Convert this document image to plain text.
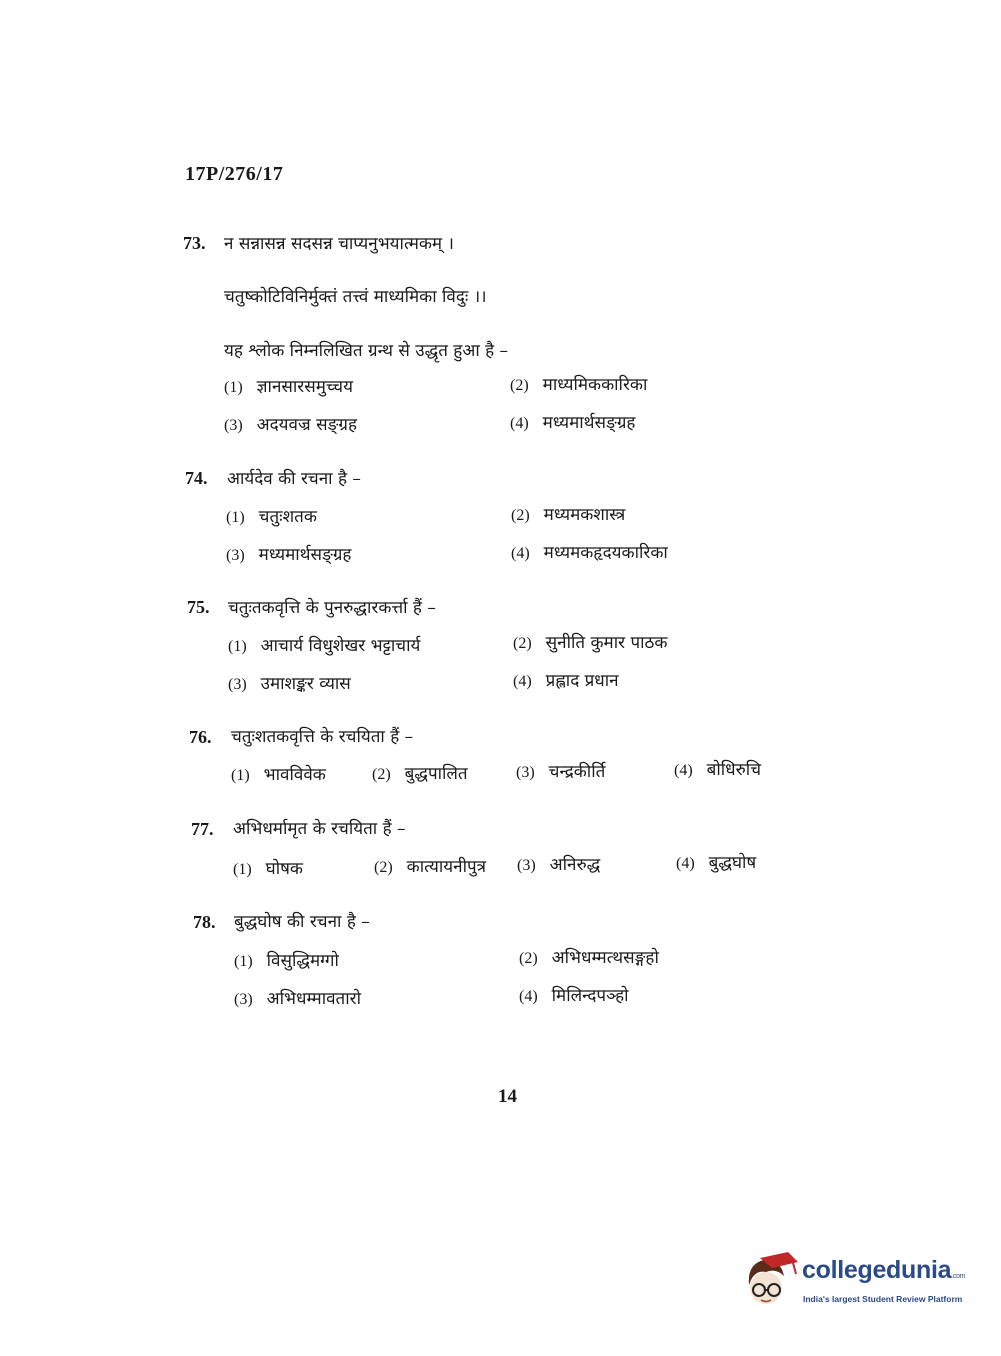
17P/276/17
73. न सन्नासन्न सदसन्न चाप्यनुभयात्मकम् ।
चतुष्कोटिविनिर्मुक्तं तत्त्वं माध्यमिका विदुः ।।
यह श्लोक निम्नलिखित ग्रन्थ से उद्धृत हुआ है –
(1) ज्ञानसारसमुच्चय	(2) माध्यमिककारिका
(3) अदयवज्र सङ्ग्रह	(4) मध्यमार्थसङ्ग्रह
74. आर्यदेव की रचना है –
(1) चतुःशतक	(2) मध्यमकशास्त्र
(3) मध्यमार्थसङ्ग्रह	(4) मध्यमकहृदयकारिका
75. चतुःतकवृत्ति के पुनरुद्धारकर्त्ता हैं –
(1) आचार्य विधुशेखर भट्टाचार्य	(2) सुनीति कुमार पाठक
(3) उमाशङ्कर व्यास	(4) प्रह्लाद प्रधान
76. चतुःशतकवृत्ति के रचयिता हैं –
(1) भावविवेक	(2) बुद्धपालित	(3) चन्द्रकीर्ति	(4) बोधिरुचि
77. अभिधर्मामृत के रचयिता हैं –
(1) घोषक	(2) कात्यायनीपुत्र (3) अनिरुद्ध	(4) बुद्धघोष
78. बुद्धघोष की रचना है –
(1) विसुद्धिमग्गो	(2) अभिधम्मत्थसङ्गहो
(3) अभिधम्मावतारो	(4) मिलिन्दपञ्हो
14
collegedunia.com
India's largest Student Review Platform
